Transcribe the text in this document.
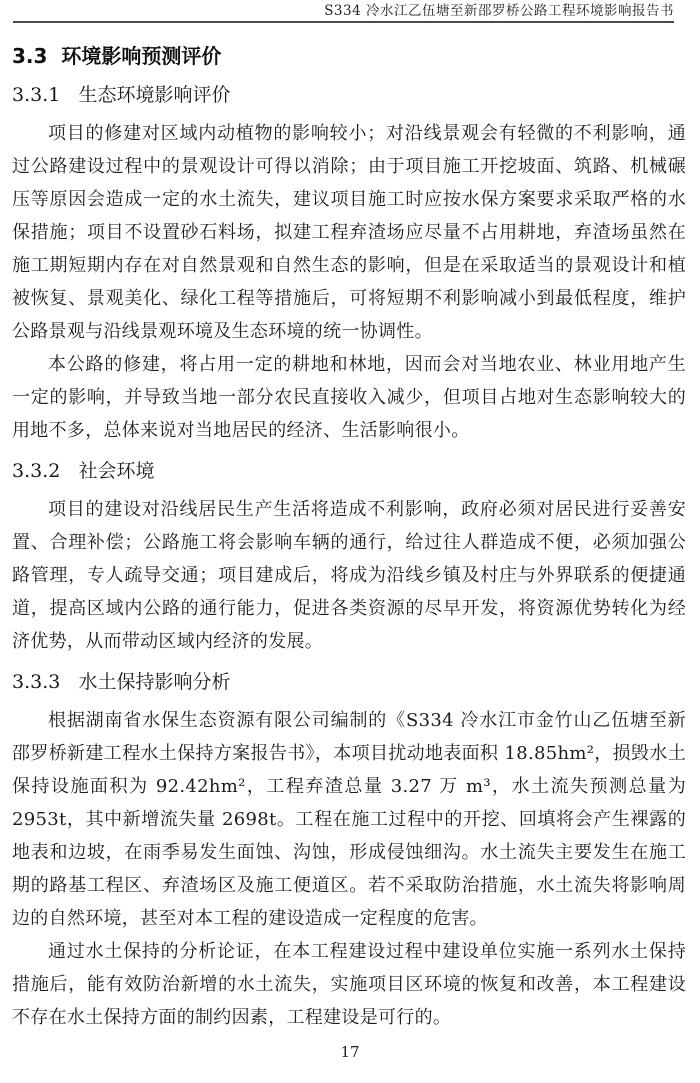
S334 冷水江乙伍塘至新邵罗桥公路工程环境影响报告书
3.3  环境影响预测评价
3.3.1   生态环境影响评价

项目的修建对区域内动植物的影响较小；对沿线景观会有轻微的不利影响，通过公路建设过程中的景观设计可得以消除；由于项目施工开挖坡面、筑路、机械碾压等原因会造成一定的水土流失，建议项目施工时应按水保方案要求采取严格的水保措施；项目不设置砂石料场，拟建工程弃渣场应尽量不占用耕地，弃渣场虽然在施工期短期内存在对自然景观和自然生态的影响，但是在采取适当的景观设计和植被恢复、景观美化、绿化工程等措施后，可将短期不利影响减小到最低程度，维护公路景观与沿线景观环境及生态环境的统一协调性。

本公路的修建，将占用一定的耕地和林地，因而会对当地农业、林业用地产生一定的影响，并导致当地一部分农民直接收入减少，但项目占地对生态影响较大的用地不多，总体来说对当地居民的经济、生活影响很小。

3.3.2   社会环境

项目的建设对沿线居民生产生活将造成不利影响，政府必须对居民进行妥善安置、合理补偿；公路施工将会影响车辆的通行，给过往人群造成不便，必须加强公路管理，专人疏导交通；项目建成后，将成为沿线乡镇及村庄与外界联系的便捷通道，提高区域内公路的通行能力，促进各类资源的尽早开发，将资源优势转化为经济优势，从而带动区域内经济的发展。

3.3.3   水土保持影响分析

根据湖南省水保生态资源有限公司编制的《S334 冷水江市金竹山乙伍塘至新邵罗桥新建工程水土保持方案报告书》，本项目扰动地表面积 18.85hm²，损毁水土保持设施面积为 92.42hm²，工程弃渣总量 3.27 万 m³，水土流失预测总量为 2953t，其中新增流失量 2698t。工程在施工过程中的开挖、回填将会产生裸露的地表和边坡，在雨季易发生面蚀、沟蚀，形成侵蚀细沟。水土流失主要发生在施工期的路基工程区、弃渣场区及施工便道区。若不采取防治措施，水土流失将影响周边的自然环境，甚至对本工程的建设造成一定程度的危害。

通过水土保持的分析论证，在本工程建设过程中建设单位实施一系列水土保持措施后，能有效防治新增的水土流失，实施项目区环境的恢复和改善，本工程建设不存在水土保持方面的制约因素，工程建设是可行的。

17
